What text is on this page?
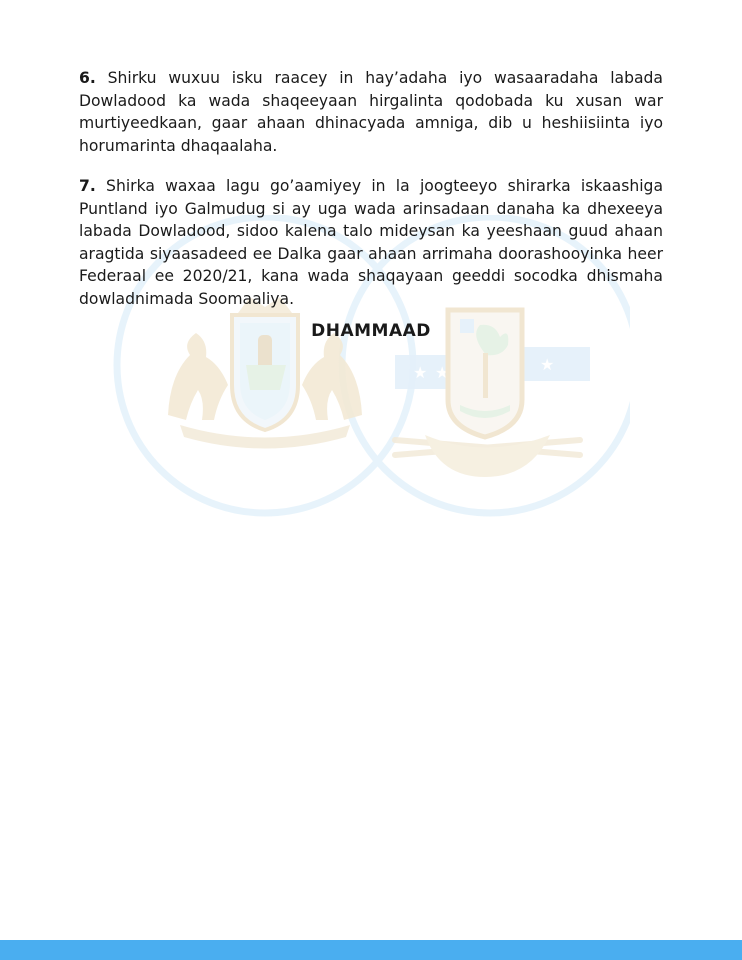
★ ★	★

6. Shirku wuxuu isku raacey in hay’adaha iyo wasaaradaha labada Dowladood ka wada shaqeeyaan hirgalinta qodobada ku xusan war murtiyeedkaan, gaar ahaan dhinacyada amniga, dib u heshiisiinta iyo horumarinta dhaqaalaha.

7. Shirka waxaa lagu go’aamiyey in la joogteeyo shirarka iskaashiga Puntland iyo Galmudug si ay uga wada arinsadaan danaha ka dhexeeya labada Dowladood, sidoo kalena talo mideysan ka yeeshaan guud ahaan aragtida siyaasadeed ee Dalka gaar ahaan arrimaha doorashooyinka heer Federaal ee 2020/21, kana wada shaqayaan geeddi socodka dhismaha dowladnimada Soomaaliya.

DHAMMAAD
